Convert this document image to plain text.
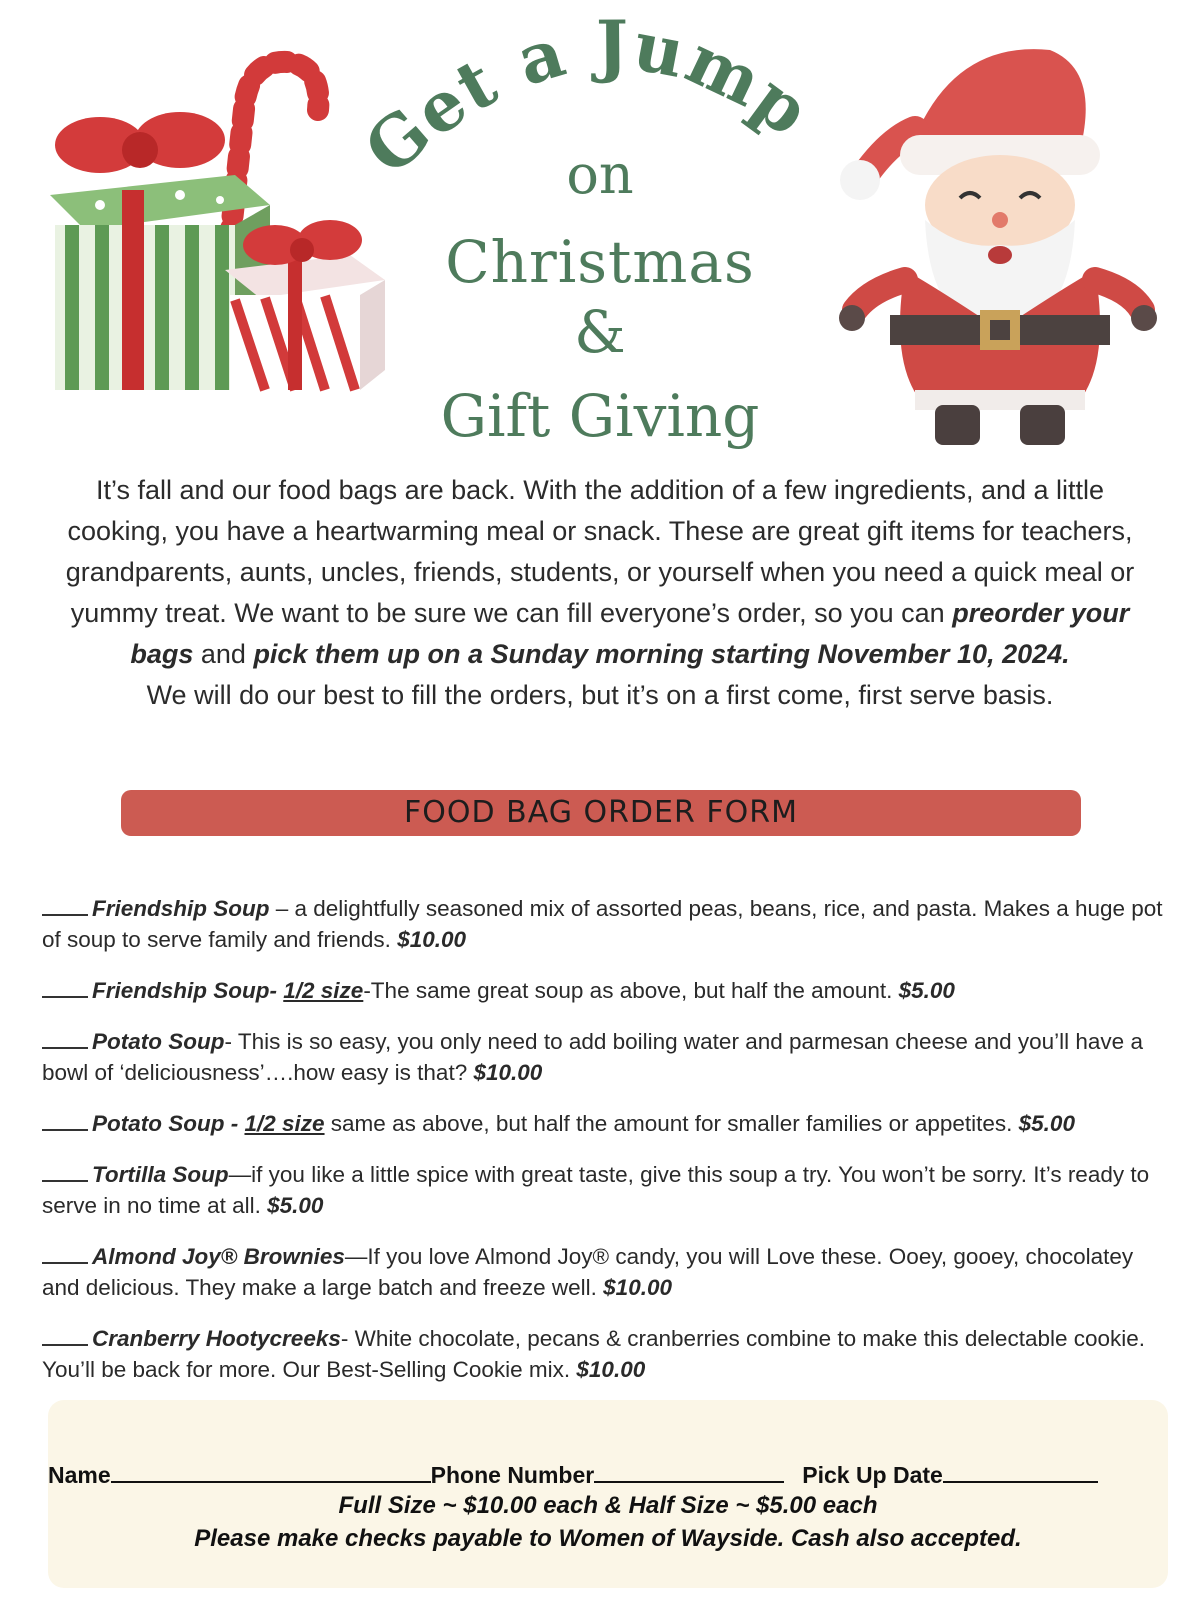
Get a Jump
on
Christmas
&
Gift Giving
It’s fall and our food bags are back. With the addition of a few ingredients, and a little cooking, you have a heartwarming meal or snack. These are great gift items for teachers, grandparents, aunts, uncles, friends, students, or yourself when you need a quick meal or yummy treat. We want to be sure we can fill everyone’s order, so you can preorder your bags and pick them up on a Sunday morning starting November 10, 2024.
We will do our best to fill the orders, but it’s on a first come, first serve basis.
FOOD BAG ORDER FORM
Friendship Soup – a delightfully seasoned mix of assorted peas, beans, rice, and pasta. Makes a huge pot of soup to serve family and friends. $10.00
Friendship Soup- 1/2 size-The same great soup as above, but half the amount. $5.00
Potato Soup- This is so easy, you only need to add boiling water and parmesan cheese and you’ll have a bowl of ‘deliciousness’….how easy is that? $10.00
Potato Soup - 1/2 size same as above, but half the amount for smaller families or appetites. $5.00
Tortilla Soup—if you like a little spice with great taste, give this soup a try. You won’t be sorry. It’s ready to serve in no time at all. $5.00
Almond Joy® Brownies—If you love Almond Joy® candy, you will Love these. Ooey, gooey, chocolatey and delicious. They make a large batch and freeze well. $10.00
Cranberry Hootycreeks- White chocolate, pecans & cranberries combine to make this delectable cookie. You’ll be back for more. Our Best-Selling Cookie mix. $10.00
Name	Phone Number	Pick Up Date
Full Size ~ $10.00 each & Half Size ~ $5.00 each
Please make checks payable to Women of Wayside. Cash also accepted.
